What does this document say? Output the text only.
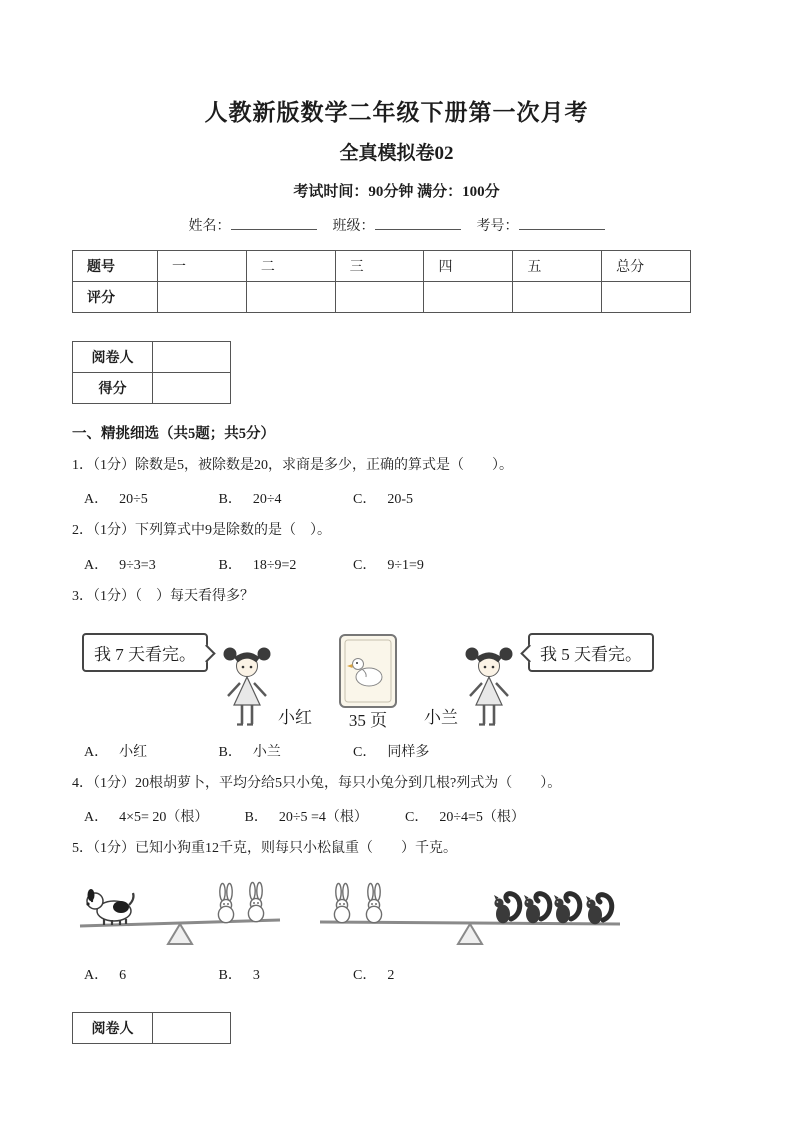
人教新版数学二年级下册第一次月考
全真模拟卷02
考试时间：90分钟 满分：100分
姓名：	班级：	考号：
题号	一	二	三	四	五	总分
评分						
阅卷人	
得分	
一、精挑细选（共5题；共5分）
1．（1分）除数是5，被除数是20，求商是多少，正确的算式是（　　）。
A． 20÷5	B． 20÷4	C． 20-5
2．（1分）下列算式中9是除数的是（　）。
A． 9÷3=3	B． 18÷9=2	C． 9÷1=9
3．（1分）（　）每天看得多？
我 7 天看完。
小红 35 页 小兰
我 5 天看完。
A． 小红	B． 小兰	C． 同样多
4．（1分）20根胡萝卜，平均分给5只小兔，每只小兔分到几根?列式为（　　）。
A． 4×5= 20（根）	B． 20÷5 =4（根）	C． 20÷4=5（根）
5．（1分）已知小狗重12千克，则每只小松鼠重（　　）千克。
A． 6	B． 3	C． 2
阅卷人	
